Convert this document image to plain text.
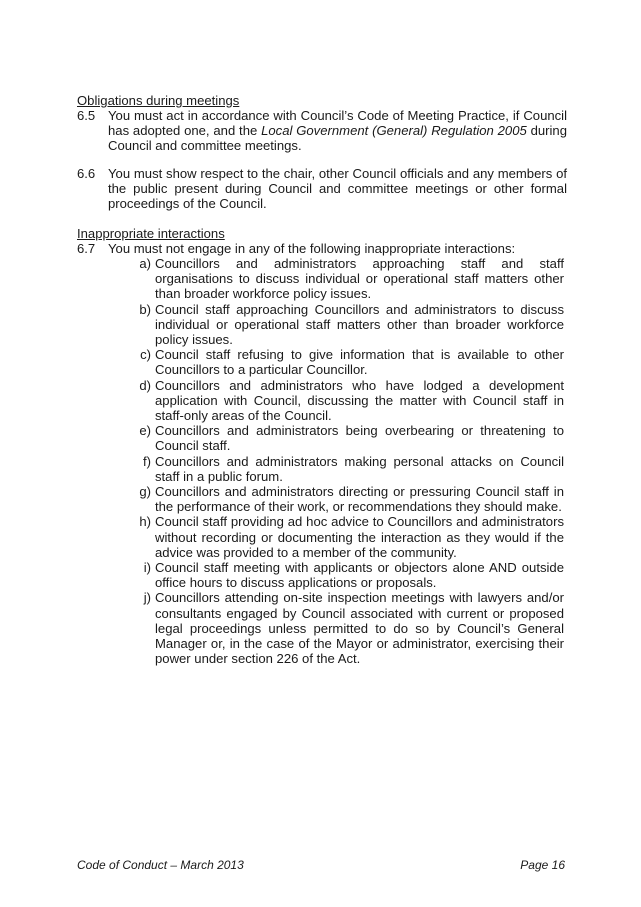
Obligations during meetings
6.5 You must act in accordance with Council’s Code of Meeting Practice, if Council has adopted one, and the Local Government (General) Regulation 2005 during Council and committee meetings.
6.6 You must show respect to the chair, other Council officials and any members of the public present during Council and committee meetings or other formal proceedings of the Council.
Inappropriate interactions
6.7 You must not engage in any of the following inappropriate interactions:
a) Councillors and administrators approaching staff and staff organisations to discuss individual or operational staff matters other than broader workforce policy issues.
b) Council staff approaching Councillors and administrators to discuss individual or operational staff matters other than broader workforce policy issues.
c) Council staff refusing to give information that is available to other Councillors to a particular Councillor.
d) Councillors and administrators who have lodged a development application with Council, discussing the matter with Council staff in staff-only areas of the Council.
e) Councillors and administrators being overbearing or threatening to Council staff.
f) Councillors and administrators making personal attacks on Council staff in a public forum.
g) Councillors and administrators directing or pressuring Council staff in the performance of their work, or recommendations they should make.
h) Council staff providing ad hoc advice to Councillors and administrators without recording or documenting the interaction as they would if the advice was provided to a member of the community.
i) Council staff meeting with applicants or objectors alone AND outside office hours to discuss applications or proposals.
j) Councillors attending on-site inspection meetings with lawyers and/or consultants engaged by Council associated with current or proposed legal proceedings unless permitted to do so by Council’s General Manager or, in the case of the Mayor or administrator, exercising their power under section 226 of the Act.
Code of Conduct – March 2013	Page 16
